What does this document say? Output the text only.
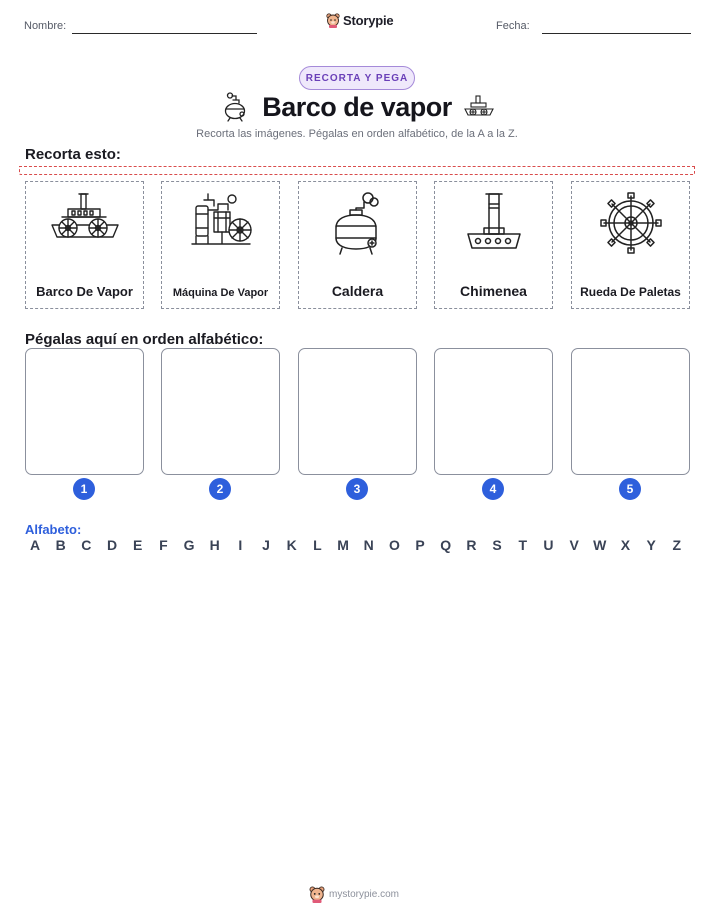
Nombre:	Storypie	Fecha:
RECORTA Y PEGA
Barco de vapor
Recorta las imágenes. Pégalas en orden alfabético, de la A a la Z.
Recorta esto:
Barco De Vapor	Máquina De Vapor	Caldera	Chimenea	Rueda De Paletas
Pégalas aquí en orden alfabético:
1	2	3	4	5
Alfabeto:
A	B	C	D	E	F	G	H	I	J	K	L	M	N	O	P	Q	R	S	T	U	V	W	X	Y	Z
mystorypie.com
